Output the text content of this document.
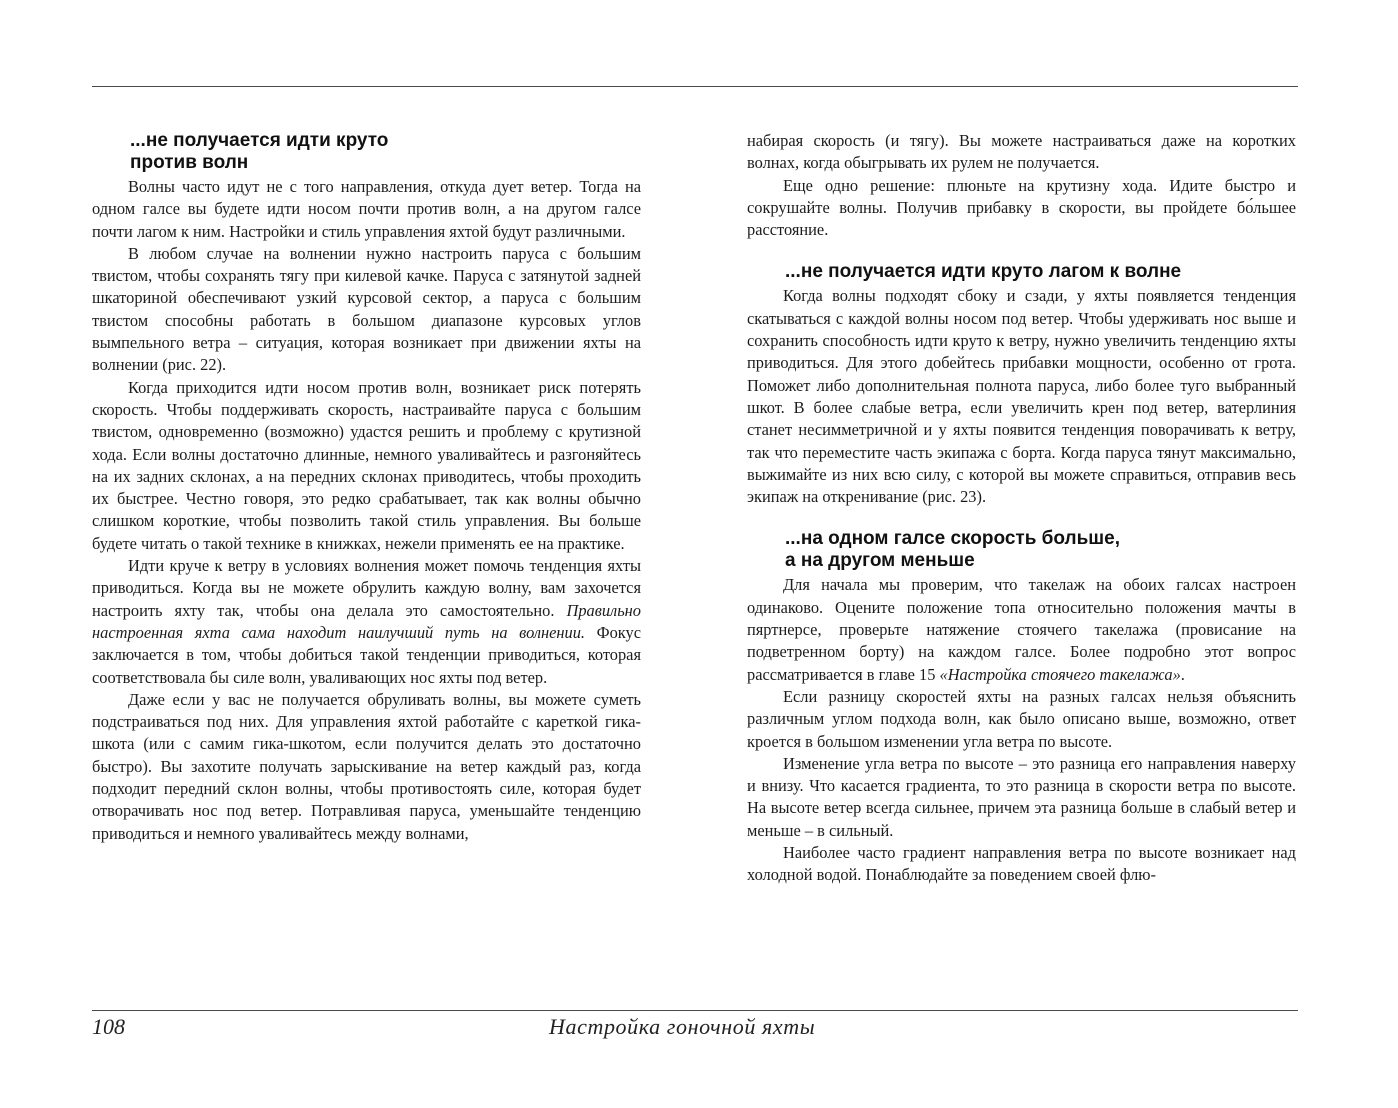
...не получается идти круто
против волн

Волны часто идут не с того направления, откуда дует ветер. Тогда на одном галсе вы будете идти носом почти против волн, а на другом галсе почти лагом к ним. Настройки и стиль управления яхтой будут различными.

В любом случае на волнении нужно настроить паруса с большим твистом, чтобы сохранять тягу при килевой качке. Паруса с затянутой задней шкаториной обеспечивают узкий курсовой сектор, а паруса с большим твистом способны работать в большом диапазоне курсовых углов вымпельного ветра – ситуация, которая возникает при движении яхты на волнении (рис. 22).

Когда приходится идти носом против волн, возникает риск потерять скорость. Чтобы поддерживать скорость, настраивайте паруса с большим твистом, одновременно (возможно) удастся решить и проблему с крутизной хода. Если волны достаточно длинные, немного уваливайтесь и разгоняйтесь на их задних склонах, а на передних склонах приводитесь, чтобы проходить их быстрее. Честно говоря, это редко срабатывает, так как волны обычно слишком короткие, чтобы позволить такой стиль управления. Вы больше будете читать о такой технике в книжках, нежели применять ее на практике.

Идти круче к ветру в условиях волнения может помочь тенденция яхты приводиться. Когда вы не можете обрулить каждую волну, вам захочется настроить яхту так, чтобы она делала это самостоятельно. Правильно настроенная яхта сама находит наилучший путь на волнении. Фокус заключается в том, чтобы добиться такой тенденции приводиться, которая соответствовала бы силе волн, уваливающих нос яхты под ветер.

Даже если у вас не получается обруливать волны, вы можете суметь подстраиваться под них. Для управления яхтой работайте с кареткой гика-шкота (или с самим гика-шкотом, если получится делать это достаточно быстро). Вы захотите получать зарыскивание на ветер каждый раз, когда подходит передний склон волны, чтобы противостоять силе, которая будет отворачивать нос под ветер. Потравливая паруса, уменьшайте тенденцию приводиться и немного уваливайтесь между волнами,

набирая скорость (и тягу). Вы можете настраиваться даже на коротких волнах, когда обыгрывать их рулем не получается.

Еще одно решение: плюньте на крутизну хода. Идите быстро и сокрушайте волны. Получив прибавку в скорости, вы пройдете бо́льшее расстояние.

...не получается идти круто лагом к волне

Когда волны подходят сбоку и сзади, у яхты появляется тенденция скатываться с каждой волны носом под ветер. Чтобы удерживать нос выше и сохранить способность идти круто к ветру, нужно увеличить тенденцию яхты приводиться. Для этого добейтесь прибавки мощности, особенно от грота. Поможет либо дополнительная полнота паруса, либо более туго выбранный шкот. В более слабые ветра, если увеличить крен под ветер, ватерлиния станет несимметричной и у яхты появится тенденция поворачивать к ветру, так что переместите часть экипажа с борта. Когда паруса тянут максимально, выжимайте из них всю силу, с которой вы можете справиться, отправив весь экипаж на откренивание (рис. 23).

...на одном галсе скорость больше,
а на другом меньше

Для начала мы проверим, что такелаж на обоих галсах настроен одинаково. Оцените положение топа относительно положения мачты в пяртнерсе, проверьте натяжение стоячего такелажа (провисание на подветренном борту) на каждом галсе. Более подробно этот вопрос рассматривается в главе 15 «Настройка стоячего такелажа».

Если разницу скоростей яхты на разных галсах нельзя объяснить различным углом подхода волн, как было описано выше, возможно, ответ кроется в большом изменении угла ветра по высоте.

Изменение угла ветра по высоте – это разница его направления наверху и внизу. Что касается градиента, то это разница в скорости ветра по высоте. На высоте ветер всегда сильнее, причем эта разница больше в слабый ветер и меньше – в сильный.

Наиболее часто градиент направления ветра по высоте возникает над холодной водой. Понаблюдайте за поведением своей флю-

108	Настройка гоночной яхты
